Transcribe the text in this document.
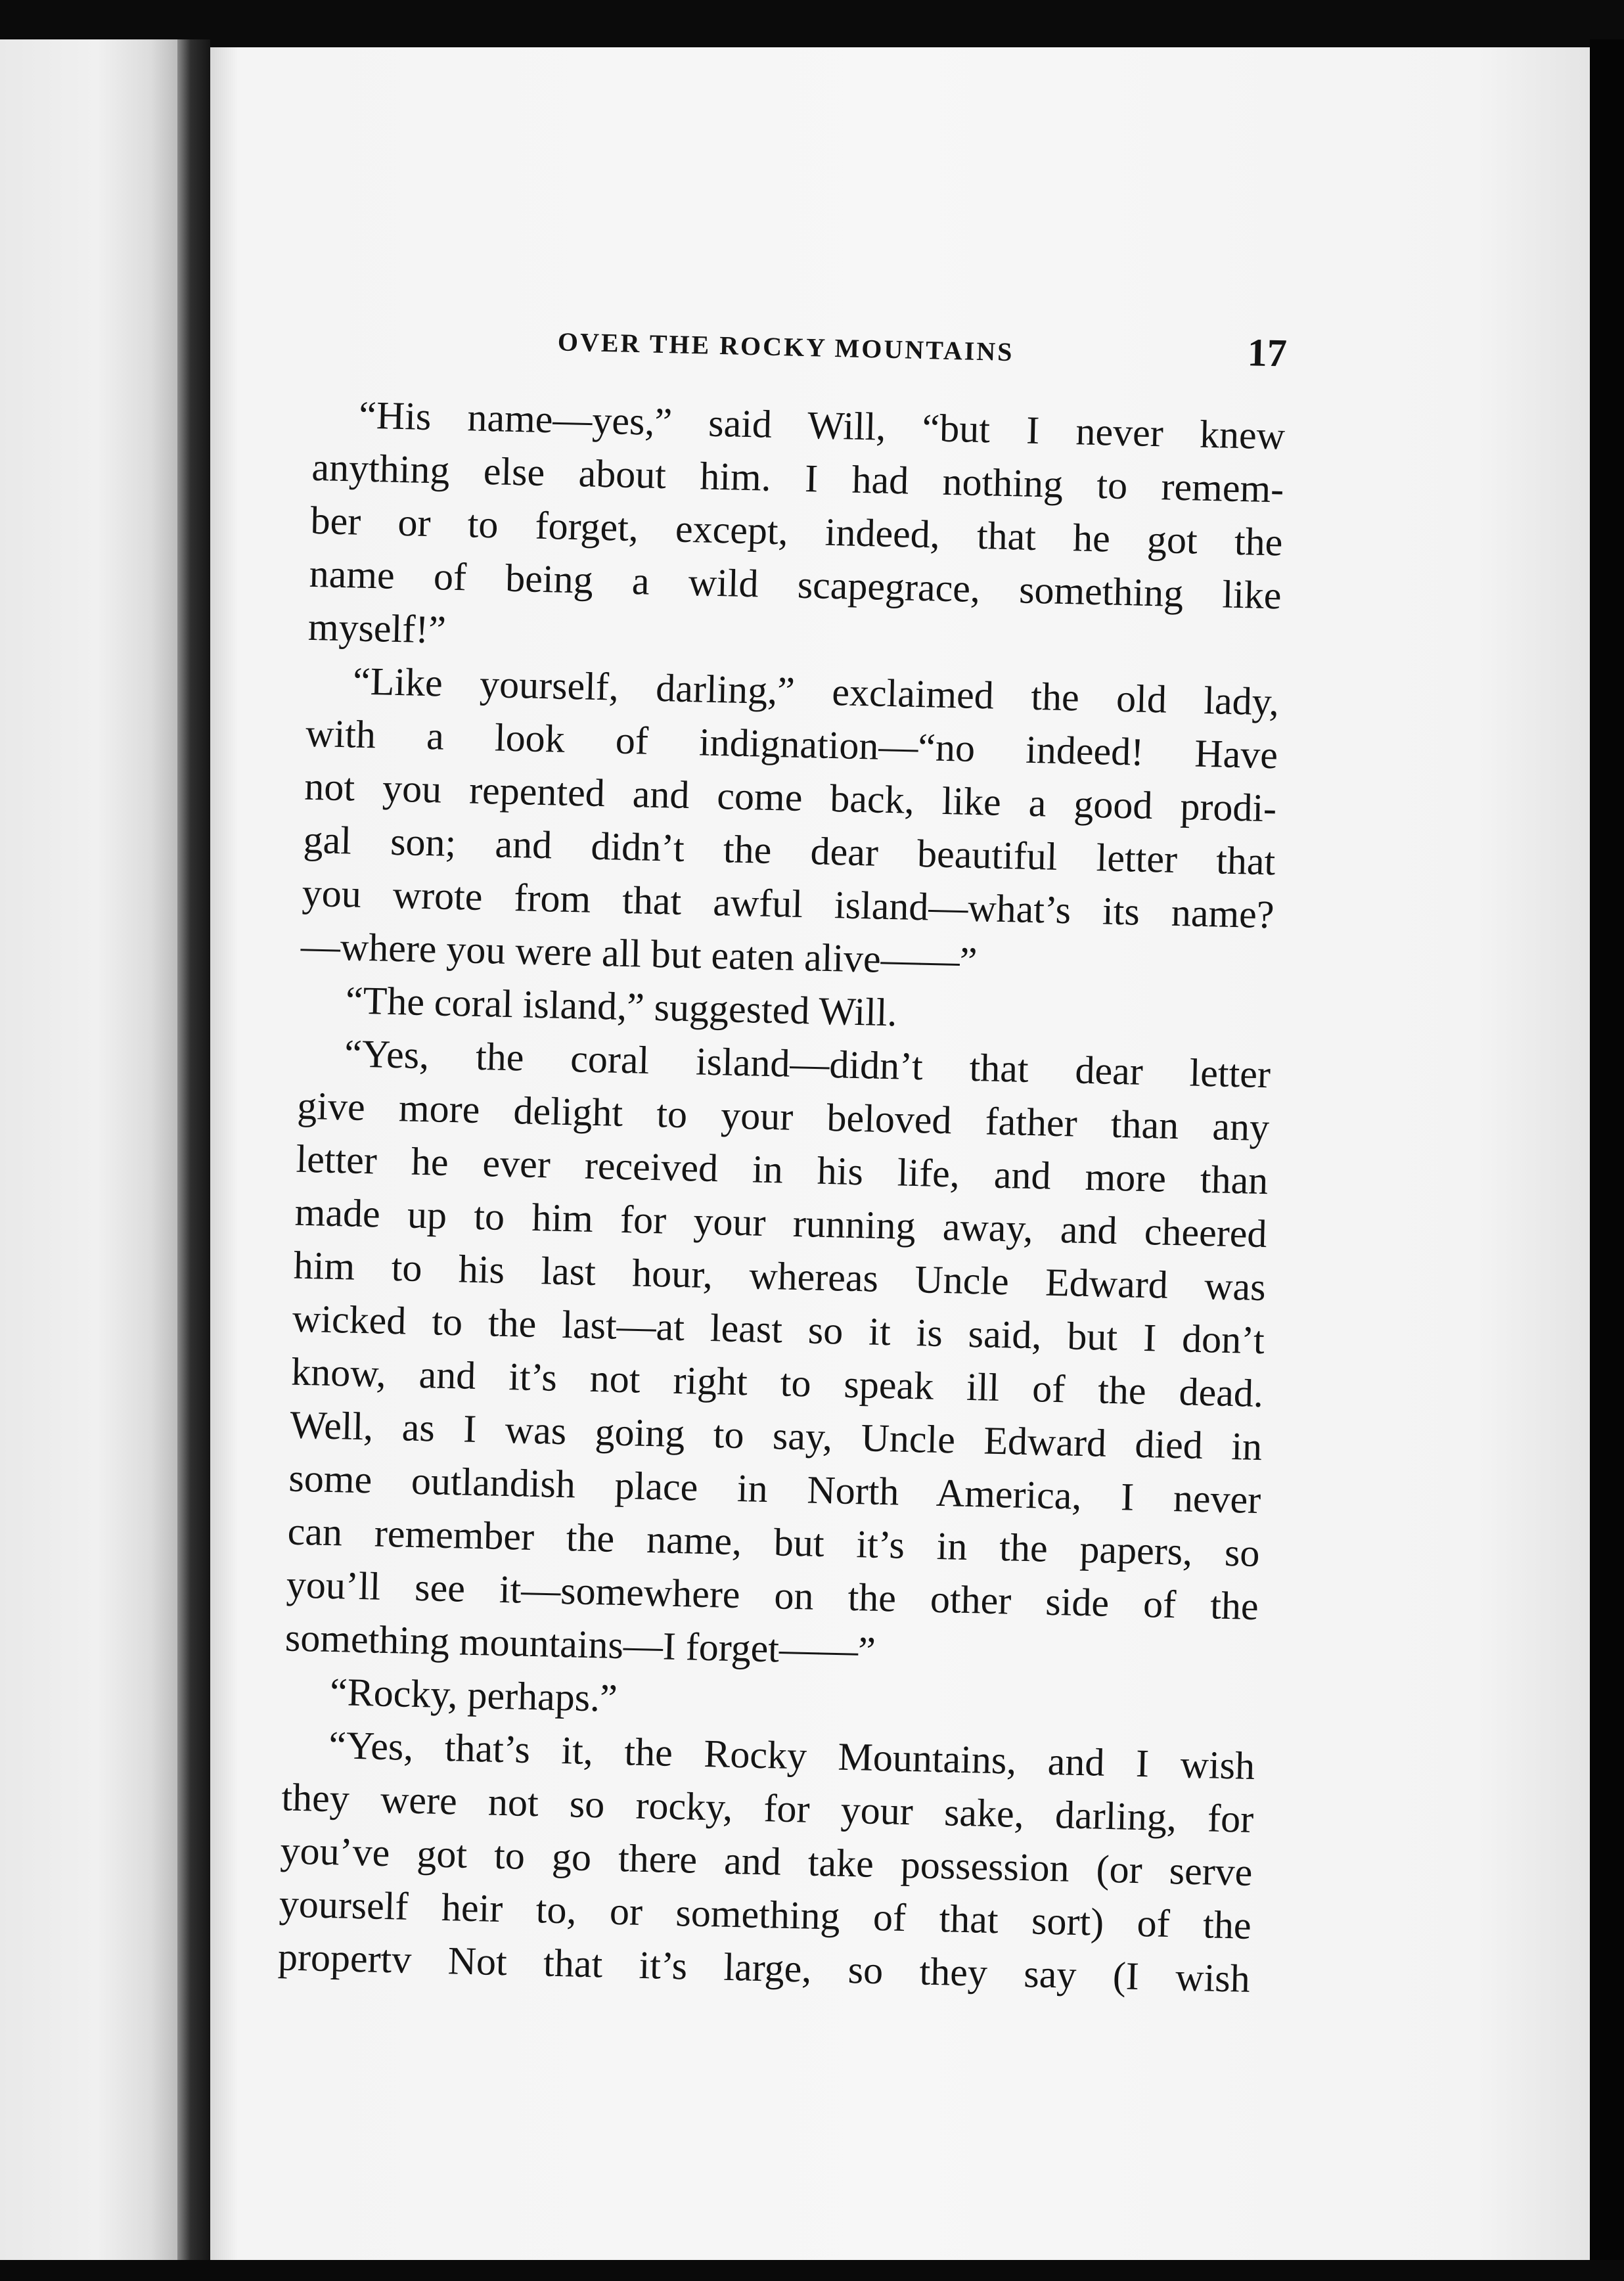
OVER THE ROCKY MOUNTAINS	17
“His name—yes,” said Will, “but I never knew
anything else about him. I had nothing to remem-
ber or to forget, except, indeed, that he got the
name of being a wild scapegrace, something like
myself!”
“Like yourself, darling,” exclaimed the old lady,
with a look of indignation—“no indeed! Have
not you repented and come back, like a good prodi-
gal son; and didn’t the dear beautiful letter that
you wrote from that awful island—what’s its name?
—where you were all but eaten alive——”
“The coral island,” suggested Will.
“Yes, the coral island—didn’t that dear letter
give more delight to your beloved father than any
letter he ever received in his life, and more than
made up to him for your running away, and cheered
him to his last hour, whereas Uncle Edward was
wicked to the last—at least so it is said, but I don’t
know, and it’s not right to speak ill of the dead.
Well, as I was going to say, Uncle Edward died in
some outlandish place in North America, I never
can remember the name, but it’s in the papers, so
you’ll see it—somewhere on the other side of the
something mountains—I forget——”
“Rocky, perhaps.”
“Yes, that’s it, the Rocky Mountains, and I wish
they were not so rocky, for your sake, darling, for
you’ve got to go there and take possession (or serve
yourself heir to, or something of that sort) of the
propertv Not that it’s large, so they say (I wish
